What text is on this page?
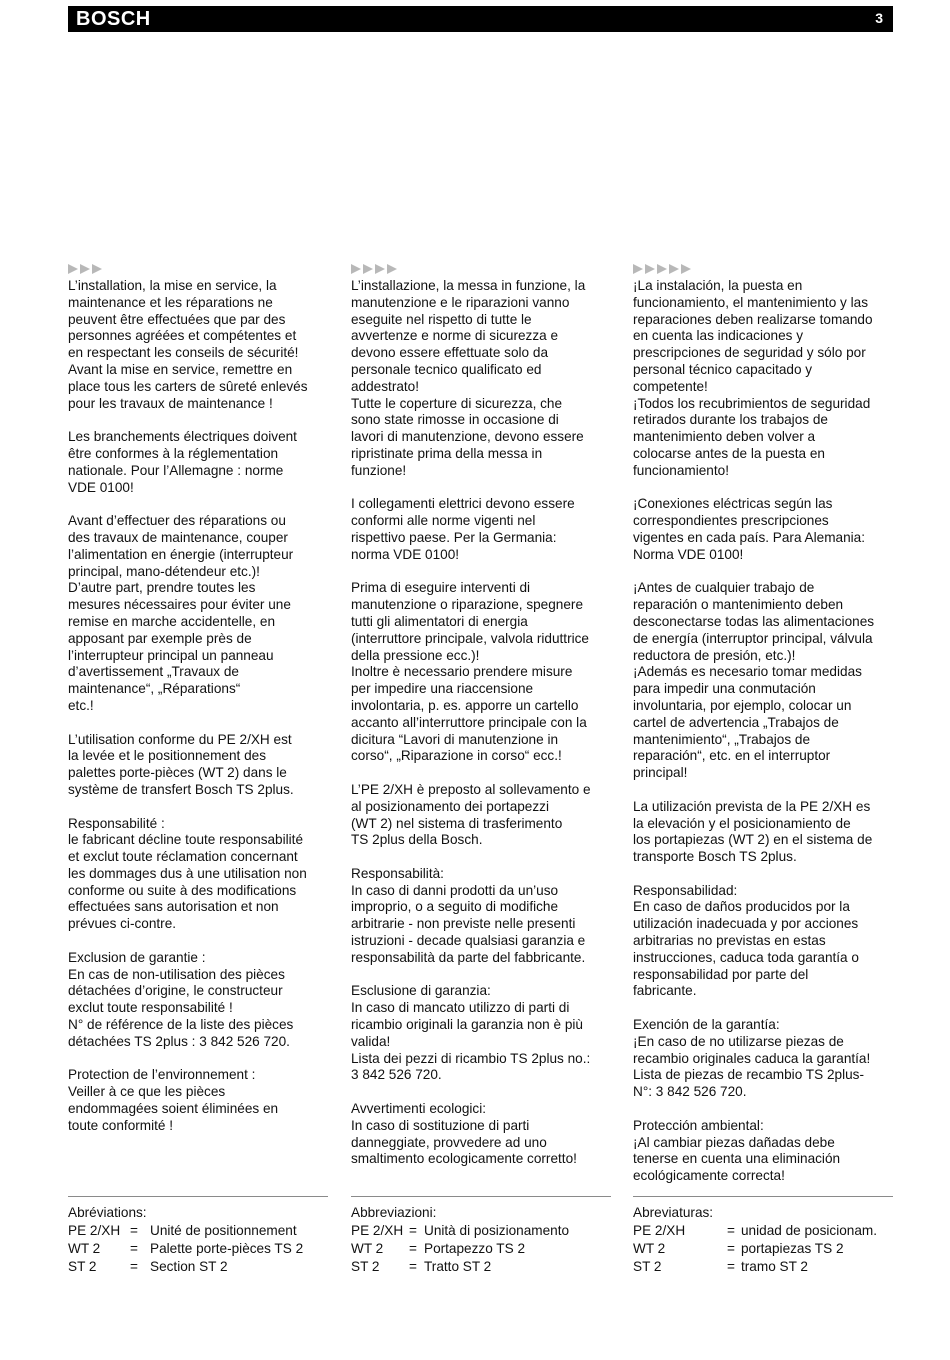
BOSCH	3

L’installation, la mise en service, la
maintenance et les réparations ne
peuvent être effectuées que par des
personnes agréées et compétentes et
en respectant les conseils de sécurité!
Avant la mise en service, remettre en
place tous les carters de sûreté enlevés
pour les travaux de maintenance !

Les branchements électriques doivent
être conformes à la réglementation
nationale. Pour l’Allemagne : norme
VDE 0100!

Avant d’effectuer des réparations ou
des travaux de maintenance, couper
l’alimentation en énergie (interrupteur
principal, mano-détendeur etc.)!
D’autre part, prendre toutes les
mesures nécessaires pour éviter une
remise en marche accidentelle, en
apposant par exemple près de
l’interrupteur principal un panneau
d’avertissement „Travaux de
maintenance“, „Réparations“
etc.!

L’utilisation conforme du PE 2/XH est
la levée et le positionnement des
palettes porte-pièces (WT 2) dans le
système de transfert Bosch TS 2plus.

Responsabilité :
le fabricant décline toute responsabilité
et exclut toute réclamation concernant
les dommages dus à une utilisation non
conforme ou suite à des modifications
effectuées sans autorisation et non
prévues ci-contre.

Exclusion de garantie :
En cas de non-utilisation des pièces
détachées d’origine, le constructeur
exclut toute responsabilité !
N° de référence de la liste des pièces
détachées TS 2plus : 3 842 526 720.

Protection de l’environnement :
Veiller à ce que les pièces
endommagées soient éliminées en
toute conformité !

L’installazione, la messa in funzione, la
manutenzione e le riparazioni vanno
eseguite nel rispetto di tutte le
avvertenze e norme di sicurezza e
devono essere effettuate solo da
personale tecnico qualificato ed
addestrato!
Tutte le coperture di sicurezza, che
sono state rimosse in occasione di
lavori di manutenzione, devono essere
ripristinate prima della messa in
funzione!

I collegamenti elettrici devono essere
conformi alle norme vigenti nel
rispettivo paese. Per la Germania:
norma VDE 0100!

Prima di eseguire interventi di
manutenzione o riparazione, spegnere
tutti gli alimentatori di energia
(interruttore principale, valvola riduttrice
della pressione ecc.)!
Inoltre è necessario prendere misure
per impedire una riaccensione
involontaria, p. es. apporre un cartello
accanto all’interruttore principale con la
dicitura “Lavori di manutenzione in
corso“, „Riparazione in corso“ ecc.!

L’PE 2/XH è preposto al sollevamento e
al posizionamento dei portapezzi
(WT 2) nel sistema di trasferimento
TS 2plus della Bosch.

Responsabilità:
In caso di danni prodotti da un’uso
improprio, o a seguito di modifiche
arbitrarie - non previste nelle presenti
istruzioni - decade qualsiasi garanzia e
responsabilità da parte del fabbricante.

Esclusione di garanzia:
In caso di mancato utilizzo di parti di
ricambio originali la garanzia non è più
valida!
Lista dei pezzi di ricambio TS 2plus no.:
3 842 526 720.

Avvertimenti ecologici:
In caso di sostituzione di parti
danneggiate, provvedere ad uno
smaltimento ecologicamente corretto!

¡La instalación, la puesta en
funcionamiento, el mantenimiento y las
reparaciones deben realizarse tomando
en cuenta las indicaciones y
prescripciones de seguridad y sólo por
personal técnico capacitado y
competente!
¡Todos los recubrimientos de seguridad
retirados durante los trabajos de
mantenimiento deben volver a
colocarse antes de la puesta en
funcionamiento!

¡Conexiones eléctricas según las
correspondientes prescripciones
vigentes en cada país. Para Alemania:
Norma VDE 0100!

¡Antes de cualquier trabajo de
reparación o mantenimiento deben
desconectarse todas las alimentaciones
de energía (interruptor principal, válvula
reductora de presión, etc.)!
¡Además es necesario tomar medidas
para impedir una conmutación
involuntaria, por ejemplo, colocar un
cartel de advertencia „Trabajos de
mantenimiento“, „Trabajos de
reparación“, etc. en el interruptor
principal!

La utilización prevista de la PE 2/XH es
la elevación y el posicionamiento de
los portapiezas (WT 2) en el sistema de
transporte Bosch TS 2plus.

Responsabilidad:
En caso de daños producidos por la
utilización inadecuada y por acciones
arbitrarias no previstas en estas
instrucciones, caduca toda garantía o
responsabilidad por parte del
fabricante.

Exención de la garantía:
¡En caso de no utilizarse piezas de
recambio originales caduca la garantía!
Lista de piezas de recambio TS 2plus-
N°: 3 842 526 720.

Protección ambiental:
¡Al cambiar piezas dañadas debe
tenerse en cuenta una eliminación
ecológicamente correcta!

Abréviations:
PE 2/XH = Unité de positionnement
WT 2	= Palette porte-pièces TS 2
ST 2	= Section ST 2
Abbreviazioni:
PE 2/XH = Unità di posizionamento
WT 2	= Portapezzo TS 2
ST 2	= Tratto ST 2
Abreviaturas:
PE 2/XH	= unidad de posicionam.
WT 2	= portapiezas TS 2
ST 2	= tramo ST 2
